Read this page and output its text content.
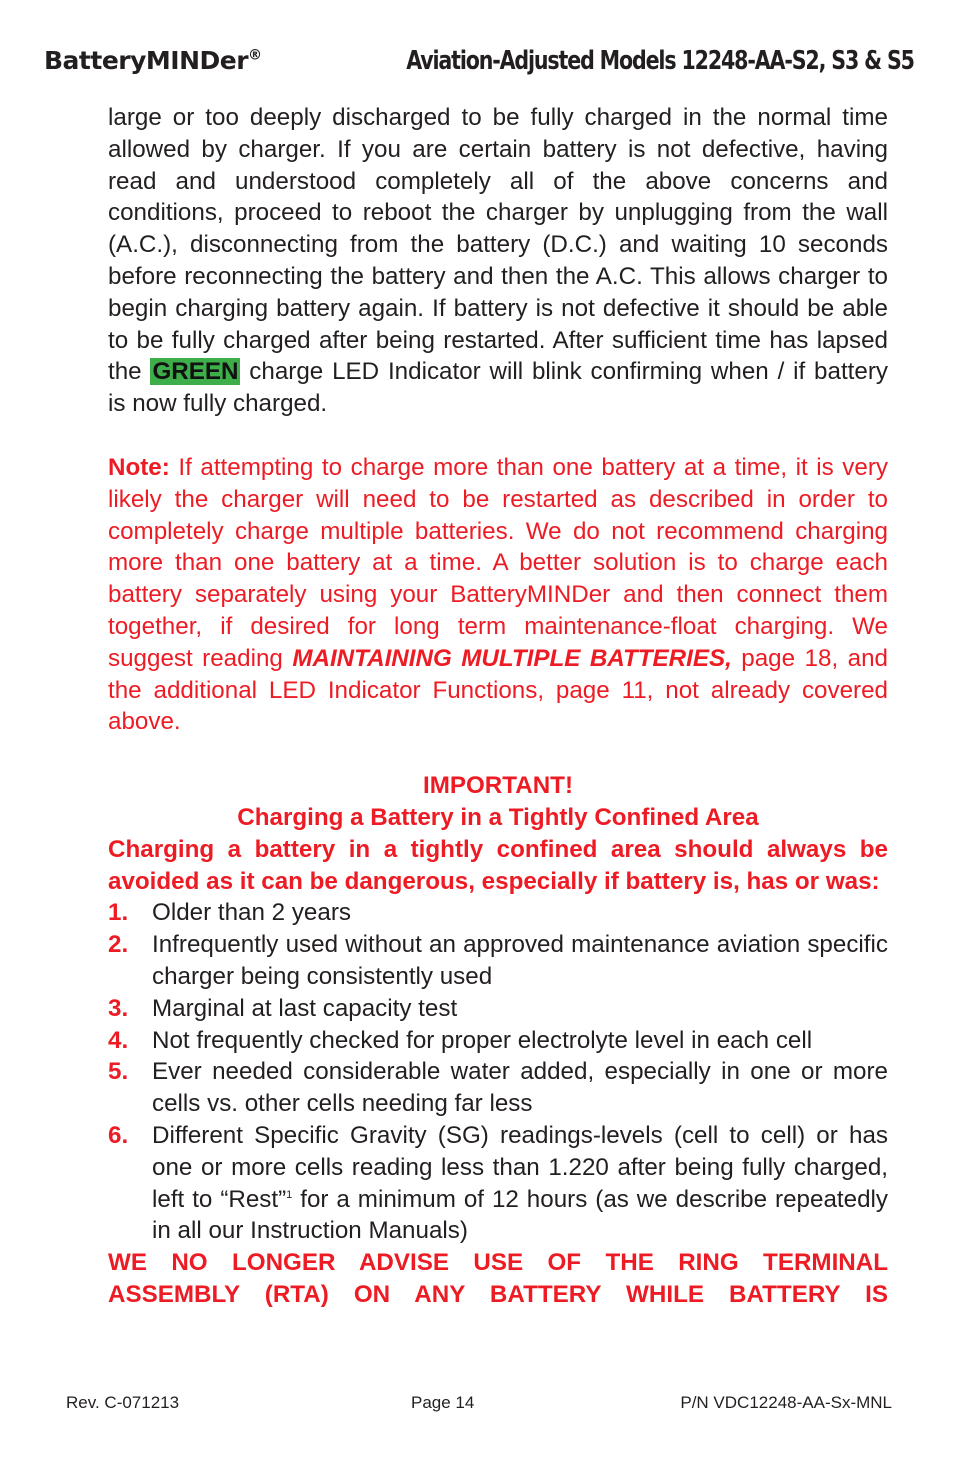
BatteryMINDer®	Aviation-Adjusted Models 12248-AA-S2, S3 & S5

large or too deeply discharged to be fully charged in the normal time allowed by charger. If you are certain battery is not defective, having read and understood completely all of the above concerns and conditions, proceed to reboot the charger by unplugging from the wall (A.C.), disconnecting from the battery (D.C.) and waiting 10 seconds before reconnecting the battery and then the A.C. This allows charger to begin charging battery again. If battery is not defective it should be able to be fully charged after being restarted. After sufficient time has lapsed the GREEN charge LED Indicator will blink confirming when / if battery is now fully charged.

Note: If attempting to charge more than one battery at a time, it is very likely the charger will need to be restarted as described in order to completely charge multiple batteries. We do not recommend charging more than one battery at a time. A better solution is to charge each battery separately using your BatteryMINDer and then connect them together, if desired for long term maintenance-float charging. We suggest reading MAINTAINING MULTIPLE BATTERIES, page 18, and the additional LED Indicator Functions, page 11, not already covered above.

IMPORTANT!
Charging a Battery in a Tightly Confined Area

Charging a battery in a tightly confined area should always be avoided as it can be dangerous, especially if battery is, has or was:

1. Older than 2 years
2. Infrequently used without an approved maintenance aviation specific charger being consistently used
3. Marginal at last capacity test
4. Not frequently checked for proper electrolyte level in each cell
5. Ever needed considerable water added, especially in one or more cells vs. other cells needing far less
6. Different Specific Gravity (SG) readings-levels (cell to cell) or has one or more cells reading less than 1.220 after being fully charged, left to “Rest”$^1$ for a minimum of 12 hours (as we describe repeatedly in all our Instruction Manuals)
WE NO LONGER ADVISE USE OF THE RING TERMINAL
ASSEMBLY (RTA) ON ANY BATTERY WHILE BATTERY IS
Rev. C-071213	Page 14	P/N VDC12248-AA-Sx-MNL
